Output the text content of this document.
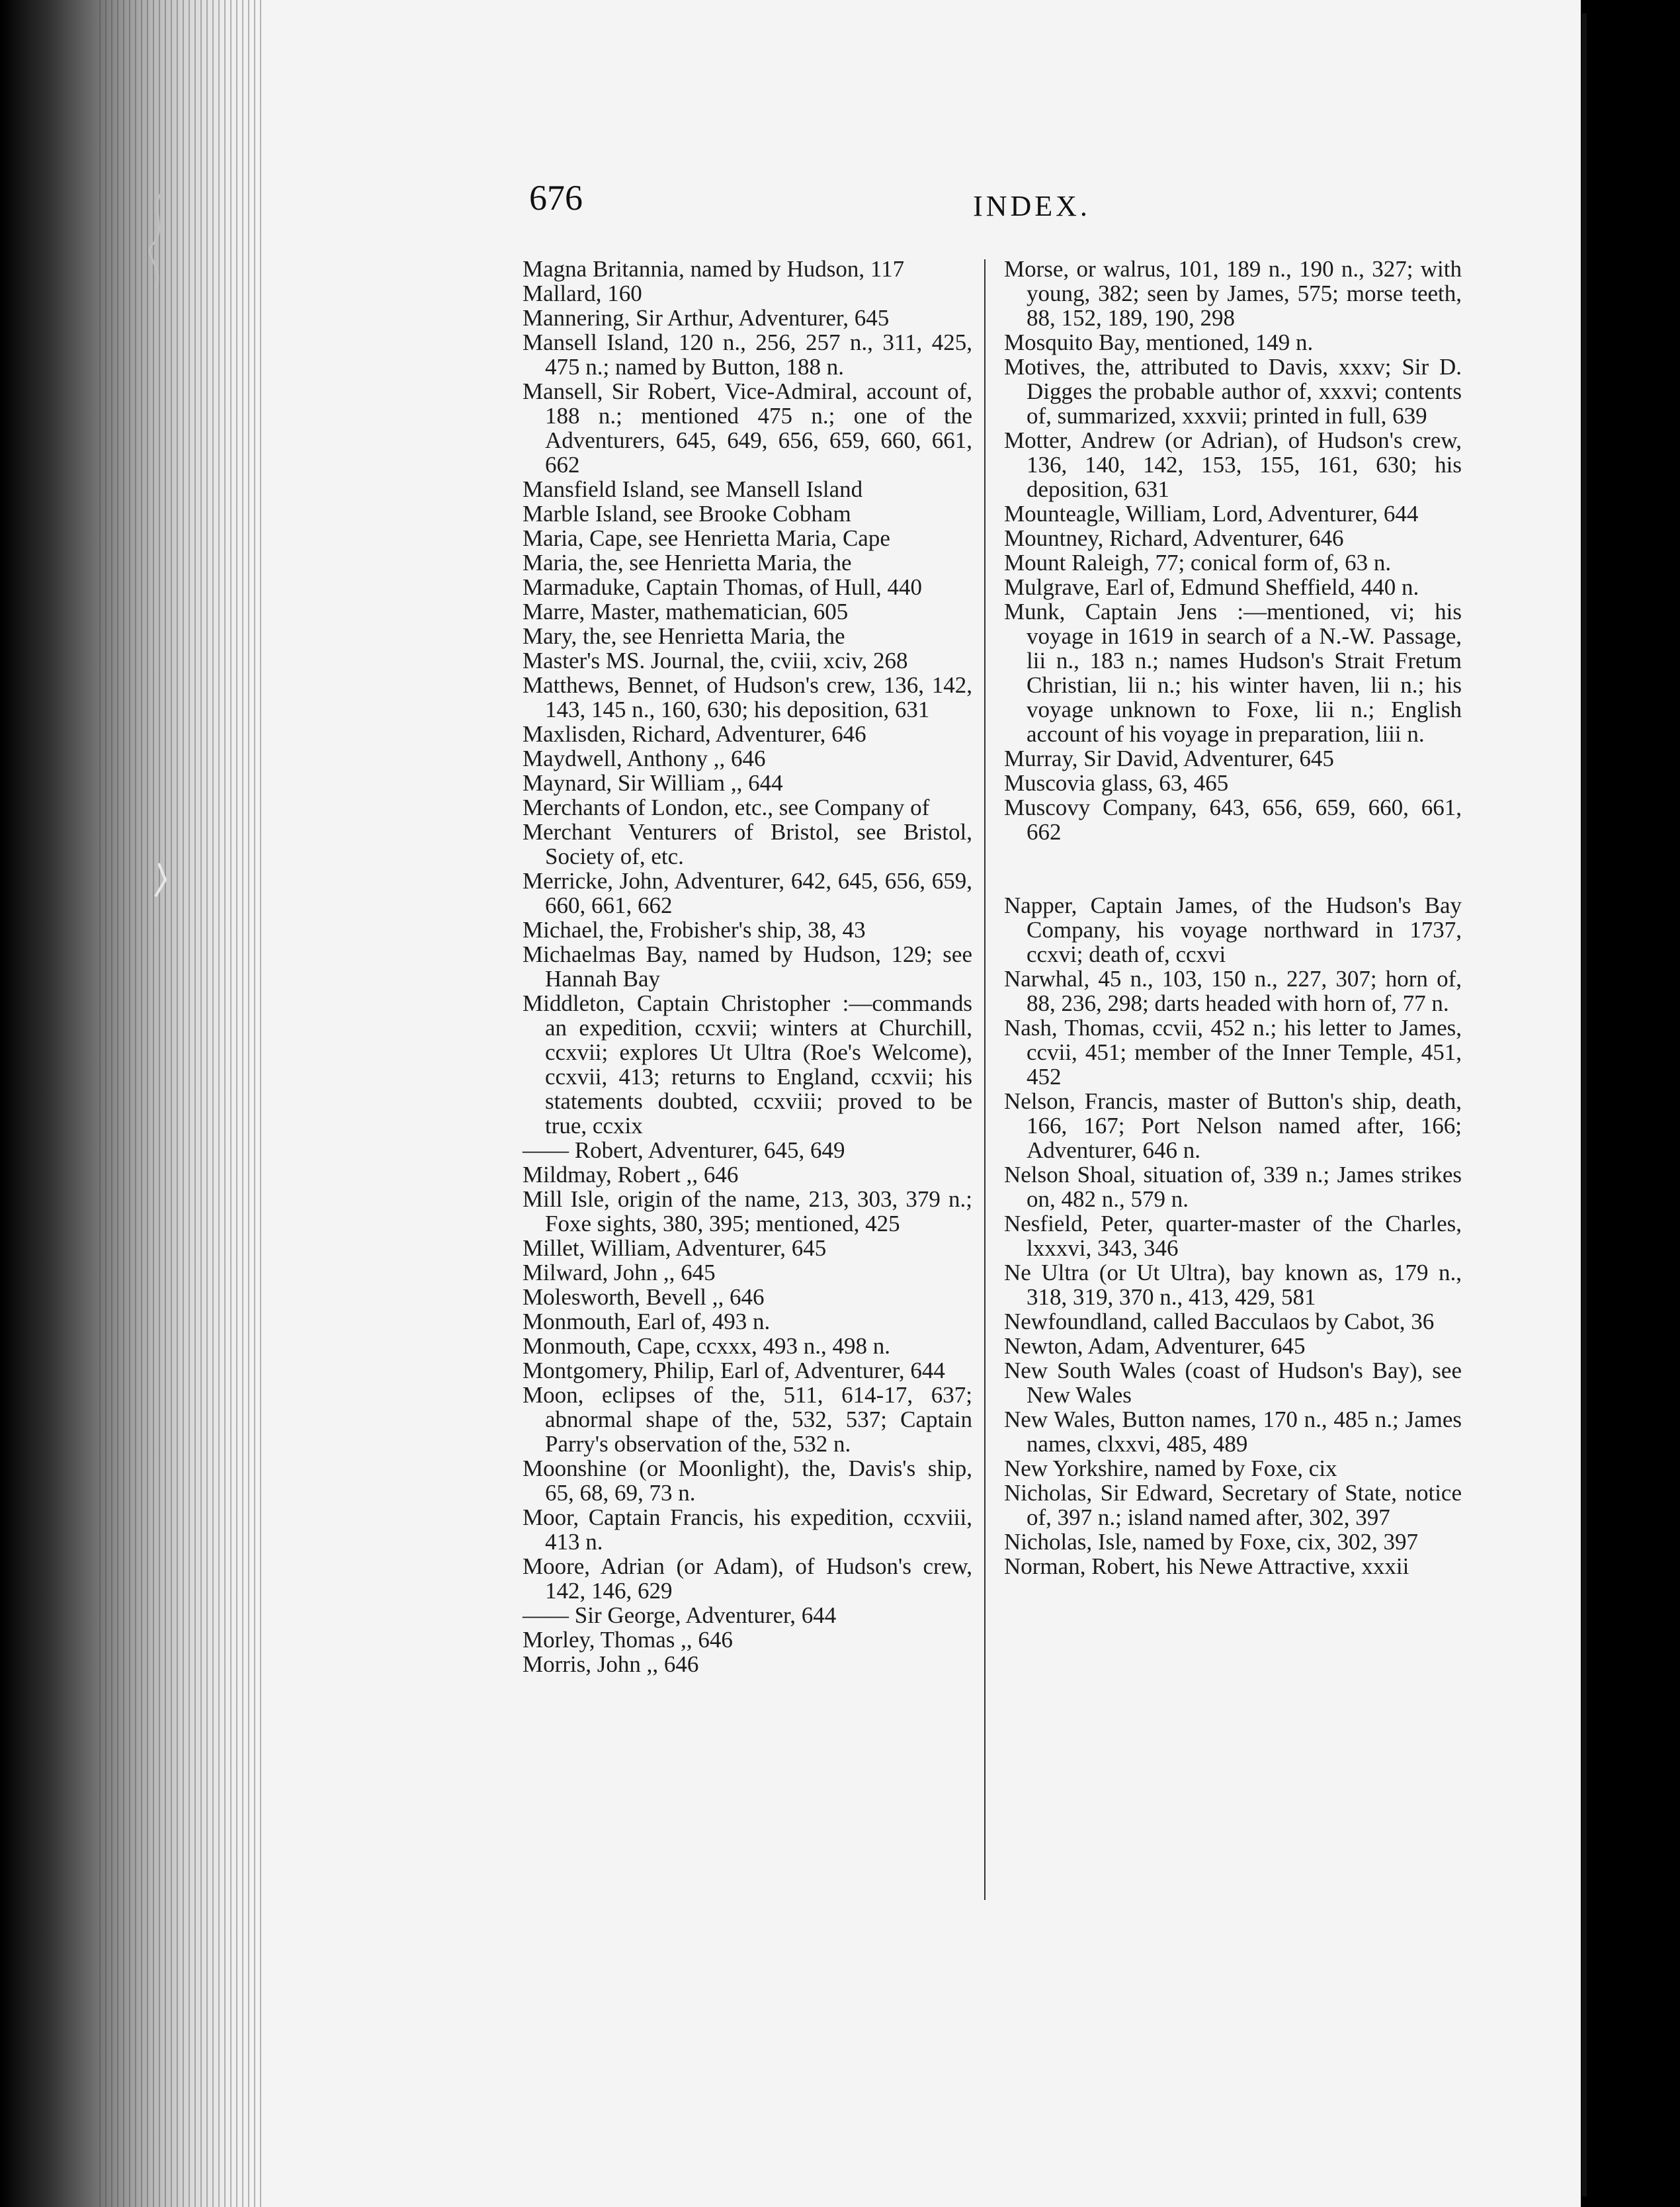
676	INDEX.
Magna Britannia, named by Hudson, 117
Mallard, 160
Mannering, Sir Arthur, Adventurer, 645
Mansell Island, 120 n., 256, 257 n., 311, 425, 475 n.; named by Button, 188 n.
Mansell, Sir Robert, Vice-Admiral, account of, 188 n.; mentioned 475 n.; one of the Adventurers, 645, 649, 656, 659, 660, 661, 662
Mansfield Island, see Mansell Island
Marble Island, see Brooke Cobham
Maria, Cape, see Henrietta Maria, Cape
Maria, the, see Henrietta Maria, the
Marmaduke, Captain Thomas, of Hull, 440
Marre, Master, mathematician, 605
Mary, the, see Henrietta Maria, the
Master's MS. Journal, the, cviii, xciv, 268
Matthews, Bennet, of Hudson's crew, 136, 142, 143, 145 n., 160, 630; his deposition, 631
Maxlisden, Richard, Adventurer, 646
Maydwell, Anthony ,, 646
Maynard, Sir William ,, 644
Merchants of London, etc., see Company of
Merchant Venturers of Bristol, see Bristol, Society of, etc.
Merricke, John, Adventurer, 642, 645, 656, 659, 660, 661, 662
Michael, the, Frobisher's ship, 38, 43
Michaelmas Bay, named by Hudson, 129; see Hannah Bay
Middleton, Captain Christopher :—commands an expedition, ccxvii; winters at Churchill, ccxvii; explores Ut Ultra (Roe's Welcome), ccxvii, 413; returns to England, ccxvii; his statements doubted, ccxviii; proved to be true, ccxix
—— Robert, Adventurer, 645, 649
Mildmay, Robert ,, 646
Mill Isle, origin of the name, 213, 303, 379 n.; Foxe sights, 380, 395; mentioned, 425
Millet, William, Adventurer, 645
Milward, John ,, 645
Molesworth, Bevell ,, 646
Monmouth, Earl of, 493 n.
Monmouth, Cape, ccxxx, 493 n., 498 n.
Montgomery, Philip, Earl of, Adventurer, 644
Moon, eclipses of the, 511, 614-17, 637; abnormal shape of the, 532, 537; Captain Parry's observation of the, 532 n.
Moonshine (or Moonlight), the, Davis's ship, 65, 68, 69, 73 n.
Moor, Captain Francis, his expedition, ccxviii, 413 n.
Moore, Adrian (or Adam), of Hudson's crew, 142, 146, 629
—— Sir George, Adventurer, 644
Morley, Thomas ,, 646
Morris, John ,, 646
Morse, or walrus, 101, 189 n., 190 n., 327; with young, 382; seen by James, 575; morse teeth, 88, 152, 189, 190, 298
Mosquito Bay, mentioned, 149 n.
Motives, the, attributed to Davis, xxxv; Sir D. Digges the probable author of, xxxvi; contents of, summarized, xxxvii; printed in full, 639
Motter, Andrew (or Adrian), of Hudson's crew, 136, 140, 142, 153, 155, 161, 630; his deposition, 631
Mounteagle, William, Lord, Adventurer, 644
Mountney, Richard, Adventurer, 646
Mount Raleigh, 77; conical form of, 63 n.
Mulgrave, Earl of, Edmund Sheffield, 440 n.
Munk, Captain Jens :—mentioned, vi; his voyage in 1619 in search of a N.-W. Passage, lii n., 183 n.; names Hudson's Strait Fretum Christian, lii n.; his winter haven, lii n.; his voyage unknown to Foxe, lii n.; English account of his voyage in preparation, liii n.
Murray, Sir David, Adventurer, 645
Muscovia glass, 63, 465
Muscovy Company, 643, 656, 659, 660, 661, 662
Napper, Captain James, of the Hudson's Bay Company, his voyage northward in 1737, ccxvi; death of, ccxvi
Narwhal, 45 n., 103, 150 n., 227, 307; horn of, 88, 236, 298; darts headed with horn of, 77 n.
Nash, Thomas, ccvii, 452 n.; his letter to James, ccvii, 451; member of the Inner Temple, 451, 452
Nelson, Francis, master of Button's ship, death, 166, 167; Port Nelson named after, 166; Adventurer, 646 n.
Nelson Shoal, situation of, 339 n.; James strikes on, 482 n., 579 n.
Nesfield, Peter, quarter-master of the Charles, lxxxvi, 343, 346
Ne Ultra (or Ut Ultra), bay known as, 179 n., 318, 319, 370 n., 413, 429, 581
Newfoundland, called Bacculaos by Cabot, 36
Newton, Adam, Adventurer, 645
New South Wales (coast of Hudson's Bay), see New Wales
New Wales, Button names, 170 n., 485 n.; James names, clxxvi, 485, 489
New Yorkshire, named by Foxe, cix
Nicholas, Sir Edward, Secretary of State, notice of, 397 n.; island named after, 302, 397
Nicholas, Isle, named by Foxe, cix, 302, 397
Norman, Robert, his Newe Attractive, xxxii
